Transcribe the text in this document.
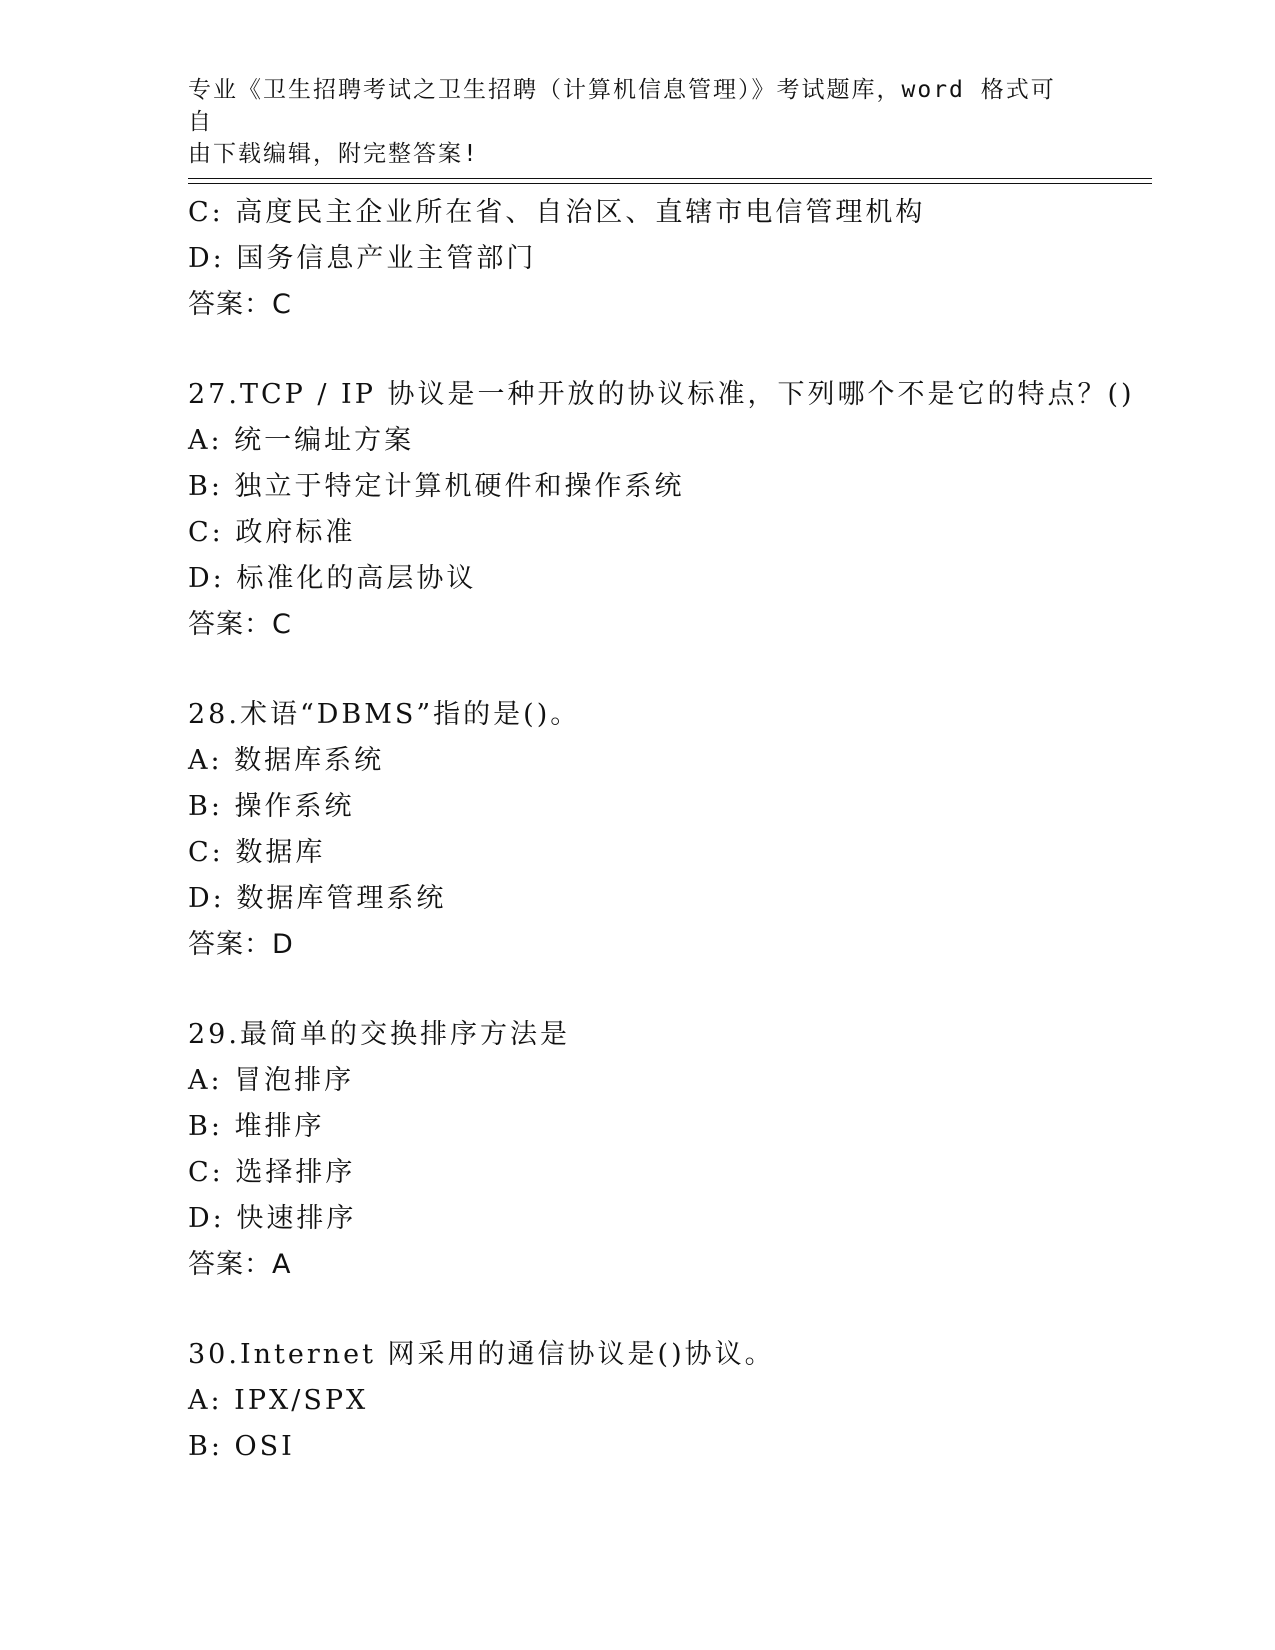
专业《卫生招聘考试之卫生招聘（计算机信息管理）》考试题库，word 格式可自
由下载编辑，附完整答案!
C: 高度民主企业所在省、自治区、直辖市电信管理机构
D: 国务信息产业主管部门
答案：C
27.TCP / IP 协议是一种开放的协议标准，下列哪个不是它的特点？()
A: 统一编址方案
B: 独立于特定计算机硬件和操作系统
C: 政府标准
D: 标准化的高层协议
答案：C
28.术语“DBMS”指的是()。
A: 数据库系统
B: 操作系统
C: 数据库
D: 数据库管理系统
答案：D
29.最简单的交换排序方法是
A: 冒泡排序
B: 堆排序
C: 选择排序
D: 快速排序
答案：A
30.Internet 网采用的通信协议是()协议。
A: IPX/SPX
B: OSI
